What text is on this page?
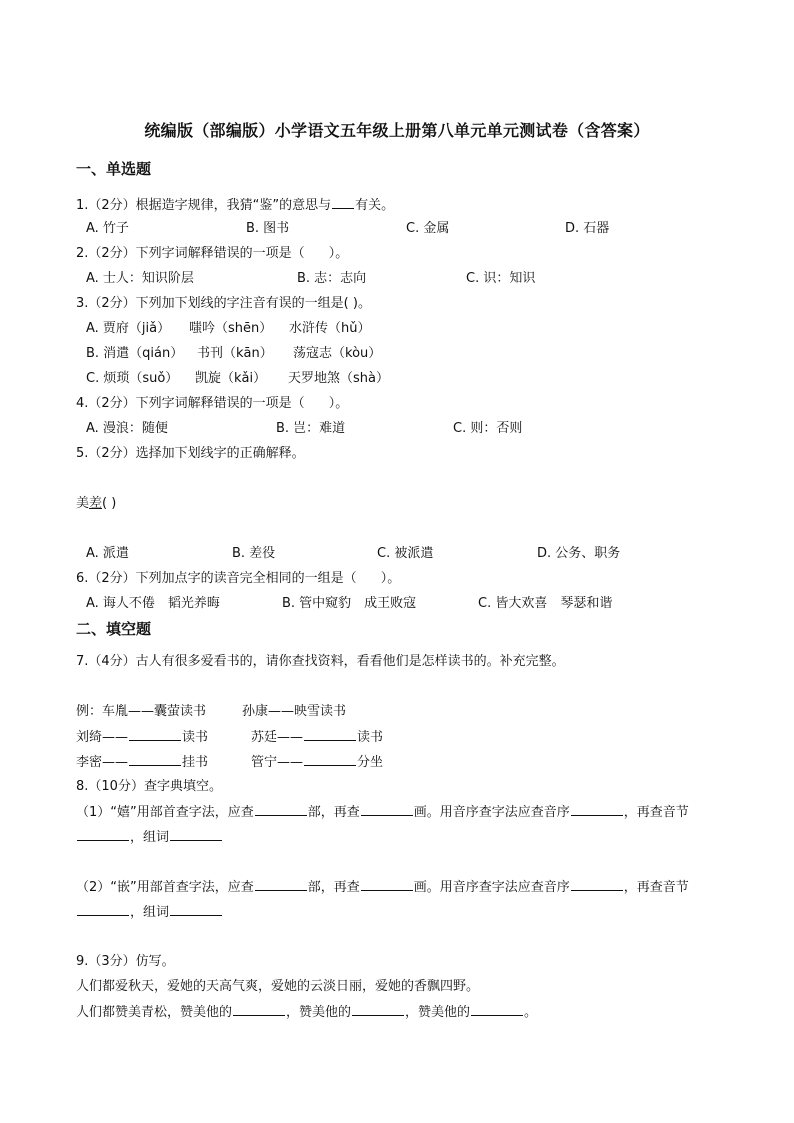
统编版（部编版）小学语文五年级上册第八单元单元测试卷（含答案）
一、单选题
1.（2分）根据造字规律，我猜“鉴”的意思与 有关。
A. 竹子	B. 图书	C. 金属	D. 石器
2.（2分）下列字词解释错误的一项是（ ）。
A. 士人：知识阶层	B. 志：志向	C. 识：知识
3.（2分）下列加下划线的字注音有误的一组是( )。
A. 贾府（jiǎ） 嗤吟（shēn） 水浒传（hǔ）
B. 消遣（qián） 书刊（kān） 荡寇志（kòu）
C. 烦琐（suǒ） 凯旋（kǎi） 天罗地煞（shà）
4.（2分）下列字词解释错误的一项是（ ）。
A. 漫浪：随便	B. 岂：难道	C. 则：否则
5.（2分）选择加下划线字的正确解释。
美差( )
A. 派遣	B. 差役	C. 被派遣	D. 公务、职务
6.（2分）下列加点字的读音完全相同的一组是（ ）。
A. 诲人不倦　韬光养晦	B. 管中窥豹　成王败寇	C. 皆大欢喜　琴瑟和谐
二、填空题
7.（4分）古人有很多爱看书的，请你查找资料，看看他们是怎样读书的。补充完整。
例：车胤——囊萤读书	孙康——映雪读书
刘绮——	读书	苏廷——	读书
李密——	挂书	管宁——	分坐
8.（10分）查字典填空。
（1）“嬉”用部首查字法，应查	部，再查	画。用音序查字法应查音序	，再查音节
，组词
（2）“嵌”用部首查字法，应查	部，再查	画。用音序查字法应查音序	，再查音节
，组词
9.（3分）仿写。
人们都爱秋天，爱她的天高气爽，爱她的云淡日丽，爱她的香飘四野。
人们都赞美青松，赞美他的	，赞美他的	，赞美他的	。
